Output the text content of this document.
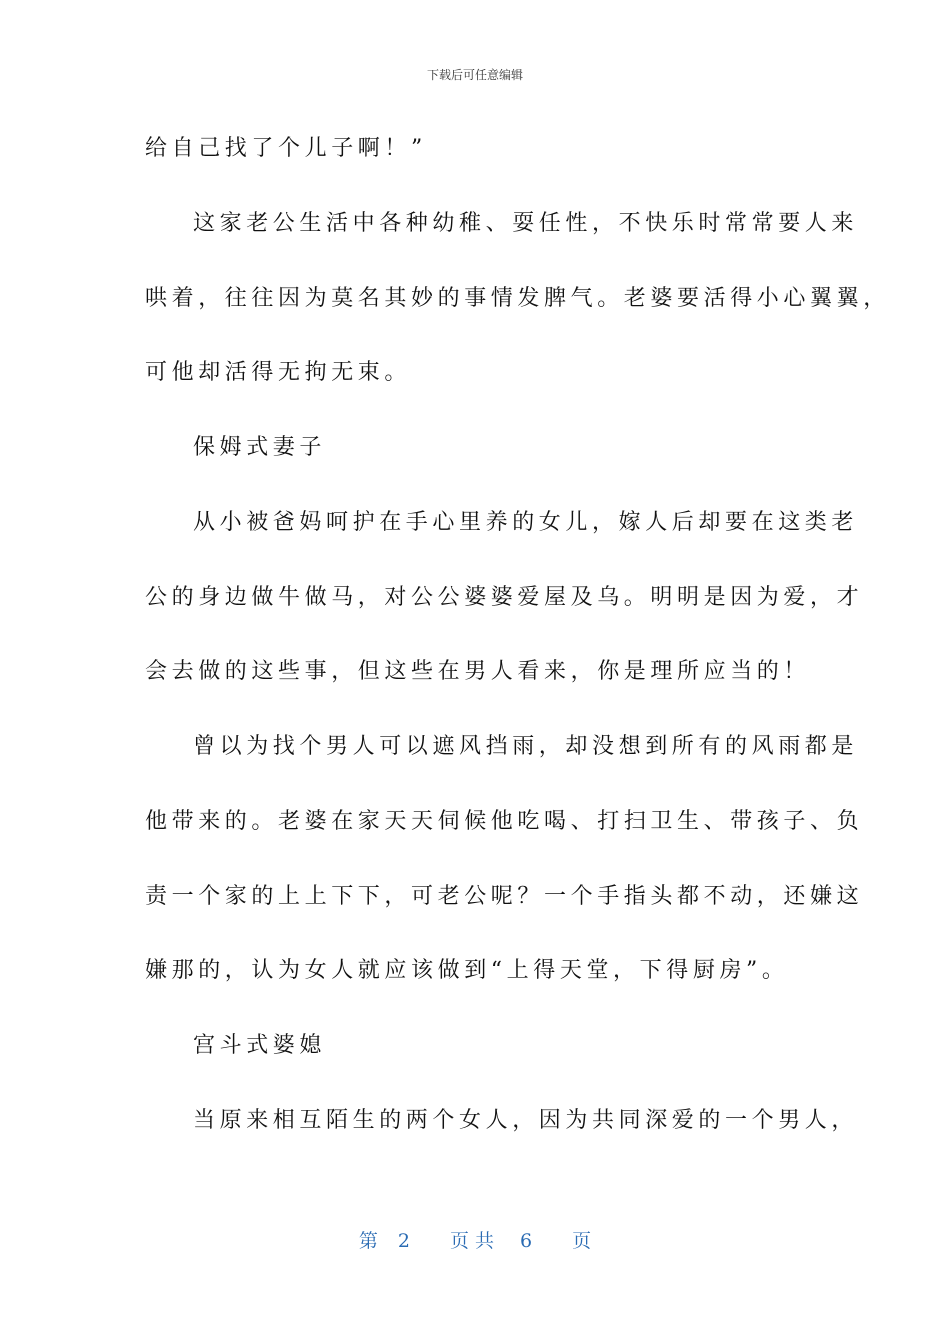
下载后可任意编辑
给自己找了个儿子啊！”
这家老公生活中各种幼稚、耍任性，不快乐时常常要人来
哄着，往往因为莫名其妙的事情发脾气。老婆要活得小心翼翼，
可他却活得无拘无束。
保姆式妻子
从小被爸妈呵护在手心里养的女儿，嫁人后却要在这类老
公的身边做牛做马，对公公婆婆爱屋及乌。明明是因为爱，才
会去做的这些事，但这些在男人看来，你是理所应当的！
曾以为找个男人可以遮风挡雨，却没想到所有的风雨都是
他带来的。老婆在家天天伺候他吃喝、打扫卫生、带孩子、负
责一个家的上上下下，可老公呢？一个手指头都不动，还嫌这
嫌那的，认为女人就应该做到“上得天堂，下得厨房”。
宫斗式婆媳
当原来相互陌生的两个女人，因为共同深爱的一个男人，
第 2 页共 6 页
